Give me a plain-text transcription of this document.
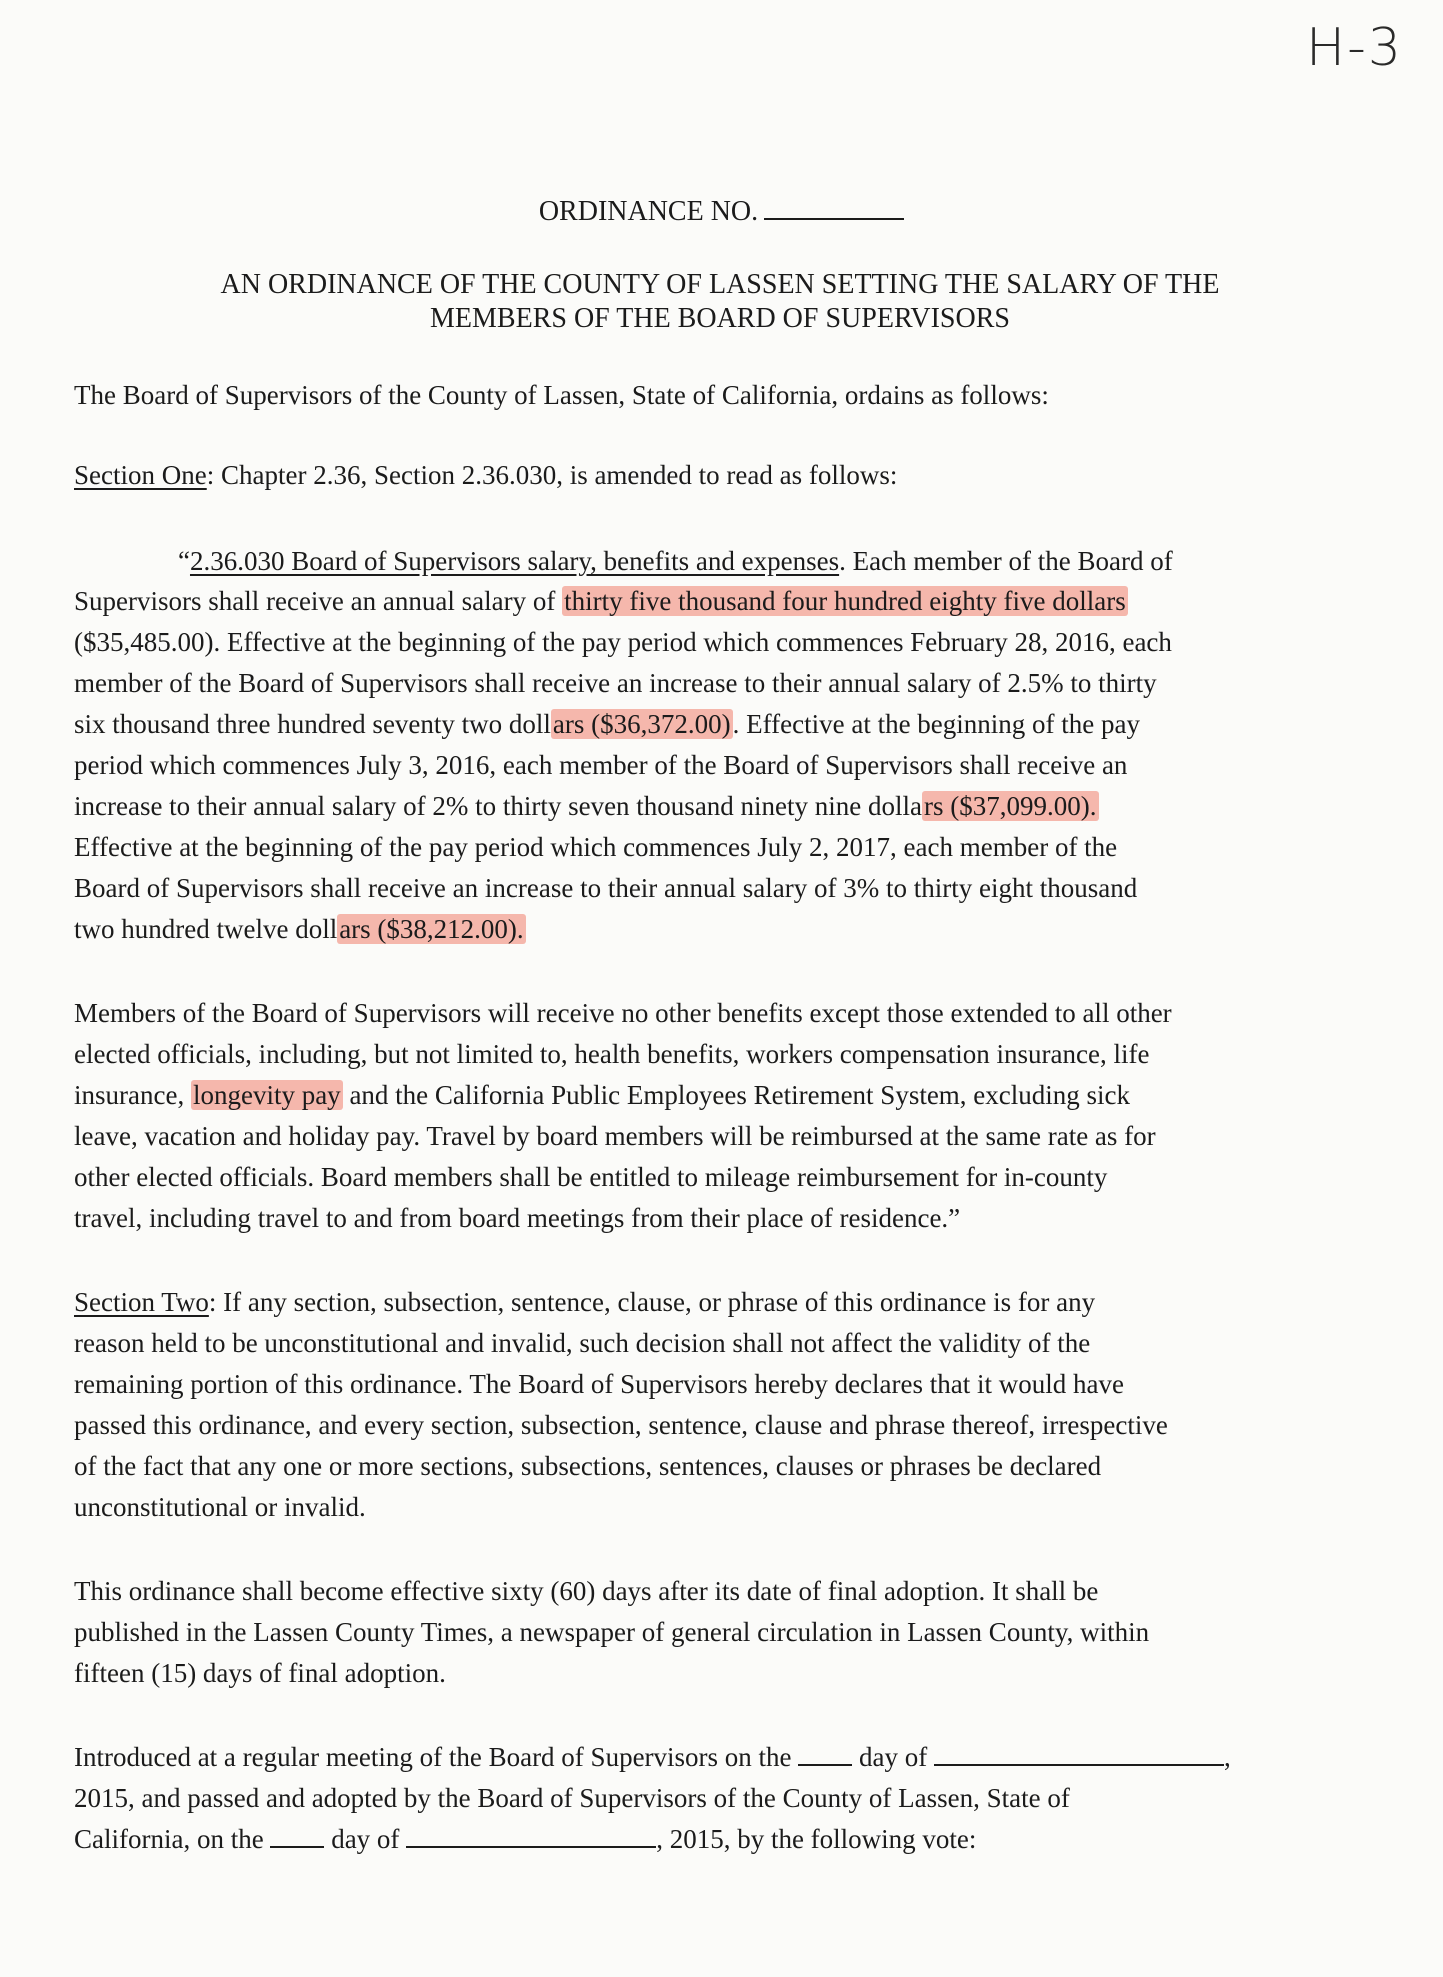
H-3
ORDINANCE NO.
AN ORDINANCE OF THE COUNTY OF LASSEN SETTING THE SALARY OF THE
MEMBERS OF THE BOARD OF SUPERVISORS
The Board of Supervisors of the County of Lassen, State of California, ordains as follows:
Section One: Chapter 2.36, Section 2.36.030, is amended to read as follows:
“2.36.030 Board of Supervisors salary, benefits and expenses. Each member of the Board of
Supervisors shall receive an annual salary of thirty five thousand four hundred eighty five dollars
($35,485.00). Effective at the beginning of the pay period which commences February 28, 2016, each
member of the Board of Supervisors shall receive an increase to their annual salary of 2.5% to thirty
six thousand three hundred seventy two dollars ($36,372.00). Effective at the beginning of the pay
period which commences July 3, 2016, each member of the Board of Supervisors shall receive an
increase to their annual salary of 2% to thirty seven thousand ninety nine dollars ($37,099.00).
Effective at the beginning of the pay period which commences July 2, 2017, each member of the
Board of Supervisors shall receive an increase to their annual salary of 3% to thirty eight thousand
two hundred twelve dollars ($38,212.00).
Members of the Board of Supervisors will receive no other benefits except those extended to all other
elected officials, including, but not limited to, health benefits, workers compensation insurance, life
insurance, longevity pay and the California Public Employees Retirement System, excluding sick
leave, vacation and holiday pay. Travel by board members will be reimbursed at the same rate as for
other elected officials. Board members shall be entitled to mileage reimbursement for in-county
travel, including travel to and from board meetings from their place of residence.”
Section Two: If any section, subsection, sentence, clause, or phrase of this ordinance is for any
reason held to be unconstitutional and invalid, such decision shall not affect the validity of the
remaining portion of this ordinance. The Board of Supervisors hereby declares that it would have
passed this ordinance, and every section, subsection, sentence, clause and phrase thereof, irrespective
of the fact that any one or more sections, subsections, sentences, clauses or phrases be declared
unconstitutional or invalid.
This ordinance shall become effective sixty (60) days after its date of final adoption. It shall be
published in the Lassen County Times, a newspaper of general circulation in Lassen County, within
fifteen (15) days of final adoption.
Introduced at a regular meeting of the Board of Supervisors on the	day of	,
2015, and passed and adopted by the Board of Supervisors of the County of Lassen, State of
California, on the	day of	, 2015, by the following vote:
